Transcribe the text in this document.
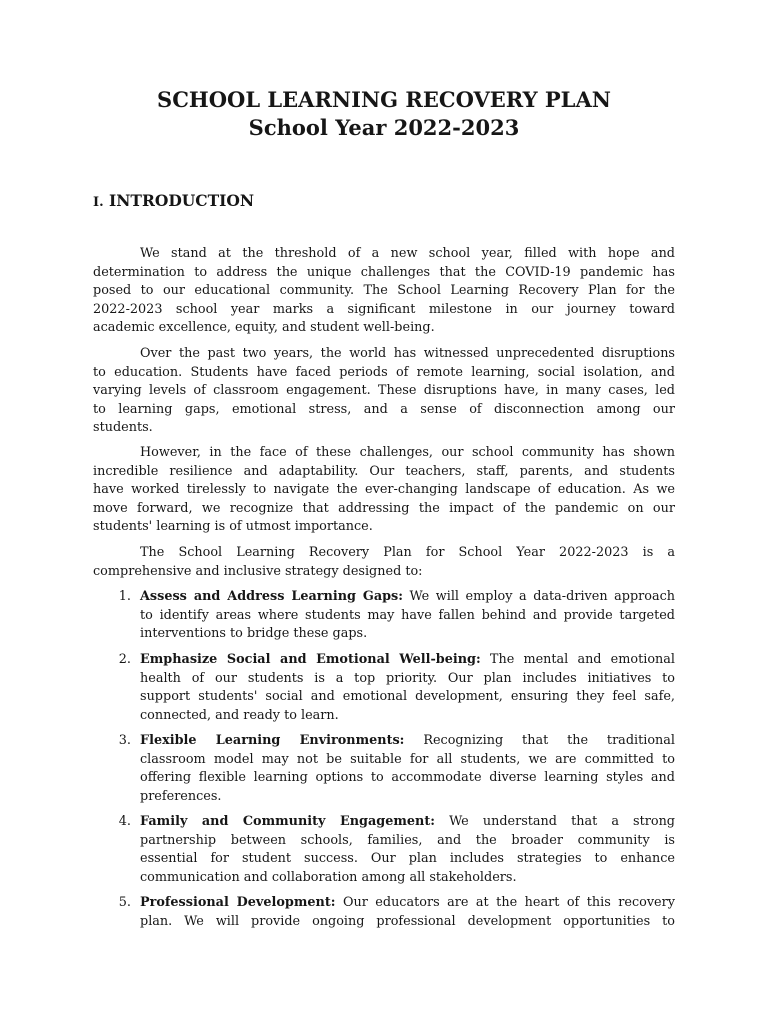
SCHOOL LEARNING RECOVERY PLAN
School Year 2022-2023
I. INTRODUCTION
We stand at the threshold of a new school year, filled with hope and
determination to address the unique challenges that the COVID-19 pandemic has
posed to our educational community. The School Learning Recovery Plan for the
2022-2023 school year marks a significant milestone in our journey toward
academic excellence, equity, and student well-being.
Over the past two years, the world has witnessed unprecedented disruptions
to education. Students have faced periods of remote learning, social isolation, and
varying levels of classroom engagement. These disruptions have, in many cases, led
to learning gaps, emotional stress, and a sense of disconnection among our
students.
However, in the face of these challenges, our school community has shown
incredible resilience and adaptability. Our teachers, staff, parents, and students
have worked tirelessly to navigate the ever-changing landscape of education. As we
move forward, we recognize that addressing the impact of the pandemic on our
students' learning is of utmost importance.
The School Learning Recovery Plan for School Year 2022-2023 is a
comprehensive and inclusive strategy designed to:
1. Assess and Address Learning Gaps: We will employ a data-driven approach
to identify areas where students may have fallen behind and provide targeted
interventions to bridge these gaps.
2. Emphasize Social and Emotional Well-being: The mental and emotional
health of our students is a top priority. Our plan includes initiatives to
support students' social and emotional development, ensuring they feel safe,
connected, and ready to learn.
3. Flexible Learning Environments: Recognizing that the traditional
classroom model may not be suitable for all students, we are committed to
offering flexible learning options to accommodate diverse learning styles and
preferences.
4. Family and Community Engagement: We understand that a strong
partnership between schools, families, and the broader community is
essential for student success. Our plan includes strategies to enhance
communication and collaboration among all stakeholders.
5. Professional Development: Our educators are at the heart of this recovery
plan. We will provide ongoing professional development opportunities to
